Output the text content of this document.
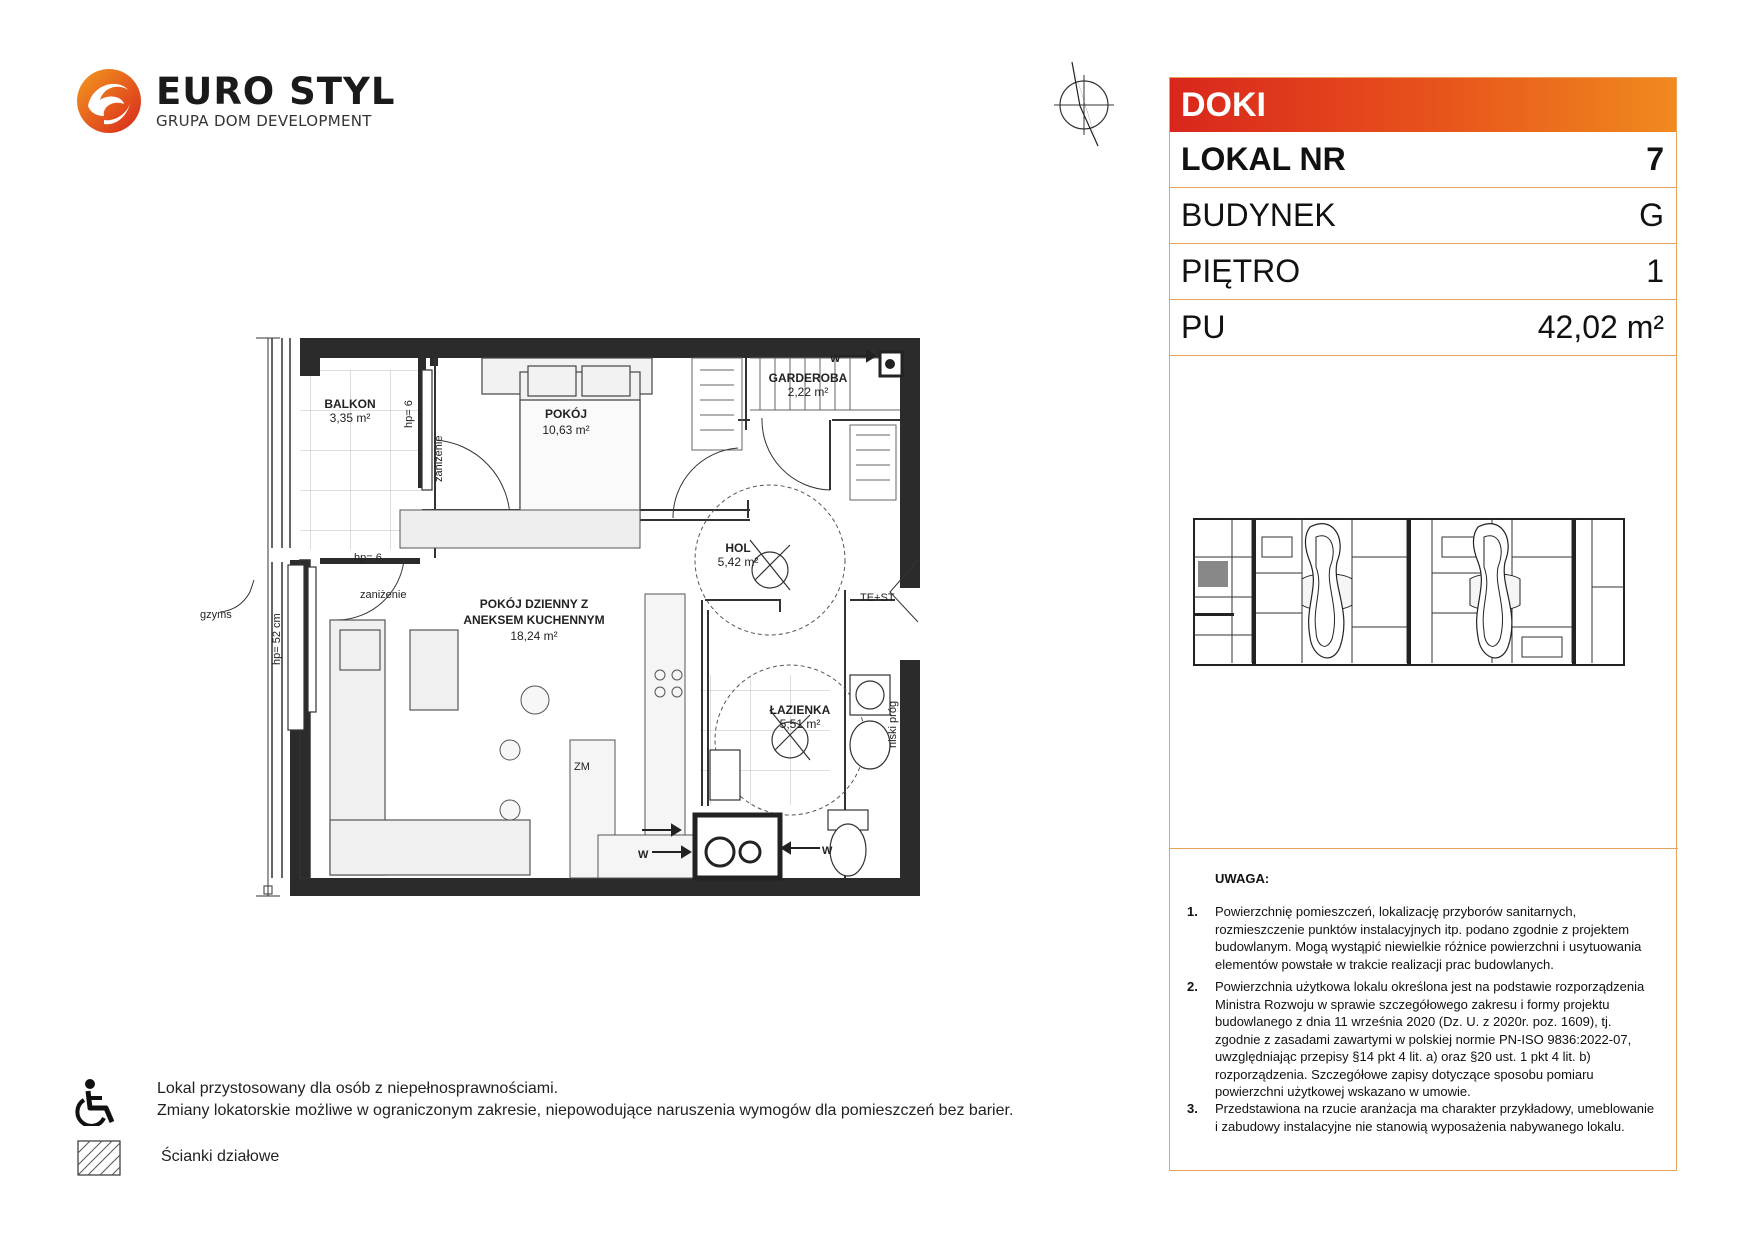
EURO STYL
GRUPA DOM DEVELOPMENT	DOKI
LOKAL NR	7
BUDYNEK	G
PIĘTRO	1
PU	42,02 m²
UWAGA:
1.	Powierzchnię pomieszczeń, lokalizację przyborów sanitarnych, rozmieszczenie punktów instalacyjnych itp. podano zgodnie z projektem budowlanym. Mogą wystąpić niewielkie różnice powierzchni i usytuowania elementów powstałe w trakcie realizacji prac budowlanych.
2.	Powierzchnia użytkowa lokalu określona jest na podstawie rozporządzenia Ministra Rozwoju w sprawie szczegółowego zakresu i formy projektu budowlanego z dnia 11 września 2020 (Dz. U. z 2020r. poz. 1609), tj. zgodnie z zasadami zawartymi w polskiej normie PN-ISO 9836:2022-07, uwzględniając przepisy §14 pkt 4 lit. a) oraz §20 ust. 1 pkt 4 lit. b) rozporządzenia. Szczegółowe zapisy dotyczące sposobu pomiaru powierzchni użytkowej wskazano w umowie.
3.	Przedstawiona na rzucie aranżacja ma charakter przykładowy, umeblowanie i zabudowy instalacyjne nie stanowią wyposażenia nabywanego lokalu.
BALKON
3,35 m²	POKÓJ
10,63 m²
GARDEROBA
2,22 m²
HOL
5,42 m²
POKÓJ DZIENNY Z
ANEKSEM KUCHENNYM
18,24 m²
ŁAZIENKA
5,51 m²
gzyms
hp= 6
zaniżenie	TE+ST
ZM
W
W	W
hp= 52 cm
hp= 6
zaniżenie
niski próg
Lokal przystosowany dla osób z niepełnosprawnościami.
Zmiany lokatorskie możliwe w ograniczonym zakresie, niepowodujące naruszenia wymogów dla pomieszczeń bez barier.
Ścianki działowe
